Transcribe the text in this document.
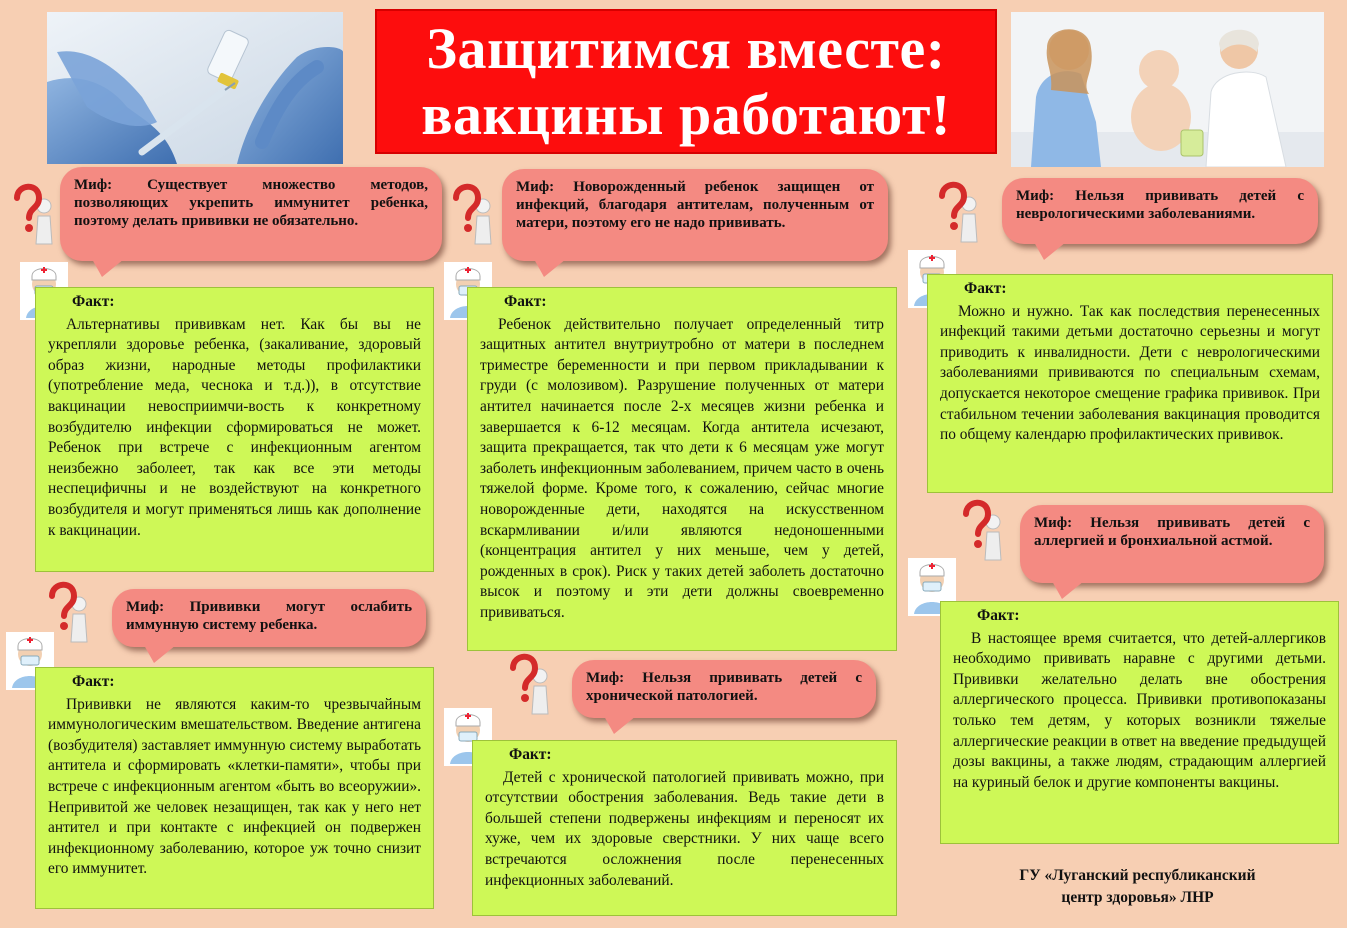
Защитимся вместе:
вакцины работают!

Миф: Существует множество методов, позволяющих укрепить иммунитет ребенка, поэтому делать прививки не обязательно.

Факт:

Альтернативы прививкам нет. Как бы вы не укрепляли здоровье ребенка, (закаливание, здоровый образ жизни, народные методы профилактики (употребление меда, чеснока и т.д.)), в отсутствие вакцинации невосприимчи-вость к конкретному возбудителю инфекции сформироваться не может. Ребенок при встрече с инфекционным агентом неизбежно заболеет, так как все эти методы неспецифичны и не воздействуют на конкретного возбудителя и могут применяться лишь как дополнение к вакцинации.

Миф: Прививки могут ослабить иммунную систему ребенка.

Факт:

Прививки не являются каким-то чрезвычайным иммунологическим вмешательством. Введение антигена (возбудителя) заставляет иммунную систему выработать антитела и сформировать «клетки-памяти», чтобы при встрече с инфекционным агентом «быть во всеоружии». Непривитой же человек незащищен, так как у него нет антител и при контакте с инфекцией он подвержен инфекционному заболеванию, которое уж точно снизит его иммунитет.

Миф: Новорожденный ребенок защищен от инфекций, благодаря антителам, полученным от матери, поэтому его не надо прививать.

Факт:

Ребенок действительно получает определенный титр защитных антител внутриутробно от матери в последнем триместре беременности и при первом прикладывании к груди (с молозивом). Разрушение полученных от матери антител начинается после 2-х месяцев жизни ребенка и завершается к 6-12 месяцам. Когда антитела исчезают, защита прекращается, так что дети к 6 месяцам уже могут заболеть инфекционным заболеванием, причем часто в очень тяжелой форме. Кроме того, к сожалению, сейчас многие новорожденные дети, находятся на искусственном вскармливании и/или являются недоношенными (концентрация антител у них меньше, чем у детей, рожденных в срок). Риск у таких детей заболеть достаточно высок и поэтому и эти дети должны своевременно прививаться.

Миф: Нельзя прививать детей с хронической патологией.

Факт:

Детей с хронической патологией прививать можно, при отсутствии обострения заболевания. Ведь такие дети в большей степени подвержены инфекциям и переносят их хуже, чем их здоровые сверстники. У них чаще всего встречаются осложнения после перенесенных инфекционных заболеваний.

Миф: Нельзя прививать детей с неврологическими заболеваниями.

Факт:

Можно и нужно. Так как последствия перенесенных инфекций такими детьми достаточно серьезны и могут приводить к инвалидности. Дети с неврологическими заболеваниями прививаются по специальным схемам, допускается некоторое смещение графика прививок. При стабильном течении заболевания вакцинация проводится по общему календарю профилактических прививок.

Миф: Нельзя прививать детей с аллергией и бронхиальной астмой.

Факт:

В настоящее время считается, что детей-аллергиков необходимо прививать наравне с другими детьми. Прививки желательно делать вне обострения аллергического процесса. Прививки противопоказаны только тем детям, у которых возникли тяжелые аллергические реакции в ответ на введение предыдущей дозы вакцины, а также людям, страдающим аллергией на куриный белок и другие компоненты вакцины.

ГУ «Луганский республиканский
центр здоровья» ЛНР
